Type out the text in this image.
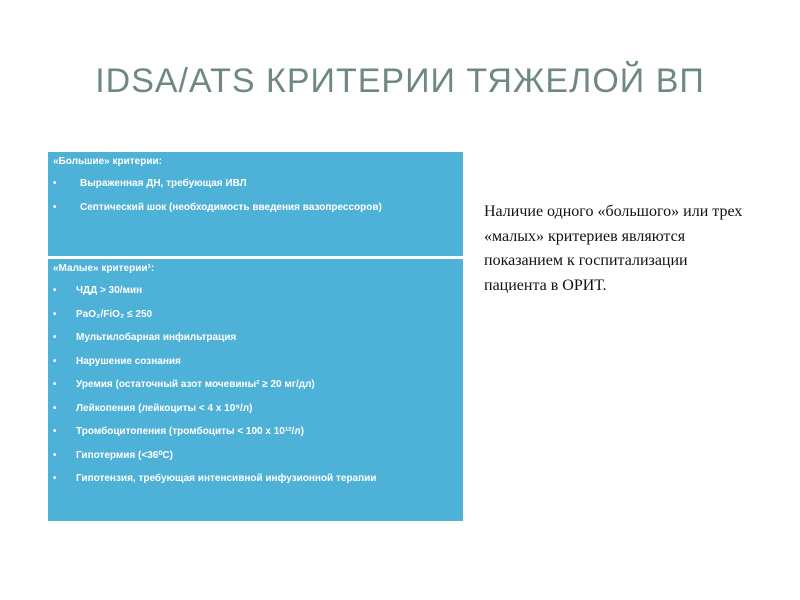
IDSA/ATS КРИТЕРИИ ТЯЖЕЛОЙ ВП
«Большие» критерии:
• Выраженная ДН, требующая ИВЛ
• Септический шок (необходимость введения вазопрессоров)
«Малые» критерии¹:
• ЧДД > 30/мин
• PaO₂/FiO₂ ≤ 250
• Мультилобарная инфильтрация
• Нарушение сознания
• Уремия (остаточный азот мочевины² ≥ 20 мг/дл)
• Лейкопения (лейкоциты < 4 x 10⁹/л)
• Тромбоцитопения (тромбоциты < 100 x 10¹²/л)
• Гипотермия (<36⁰С)
• Гипотензия, требующая интенсивной инфузионной терапии
Наличие одного «большого» или трех «малых» критериев являются показанием к госпитализации пациента в ОРИТ.
